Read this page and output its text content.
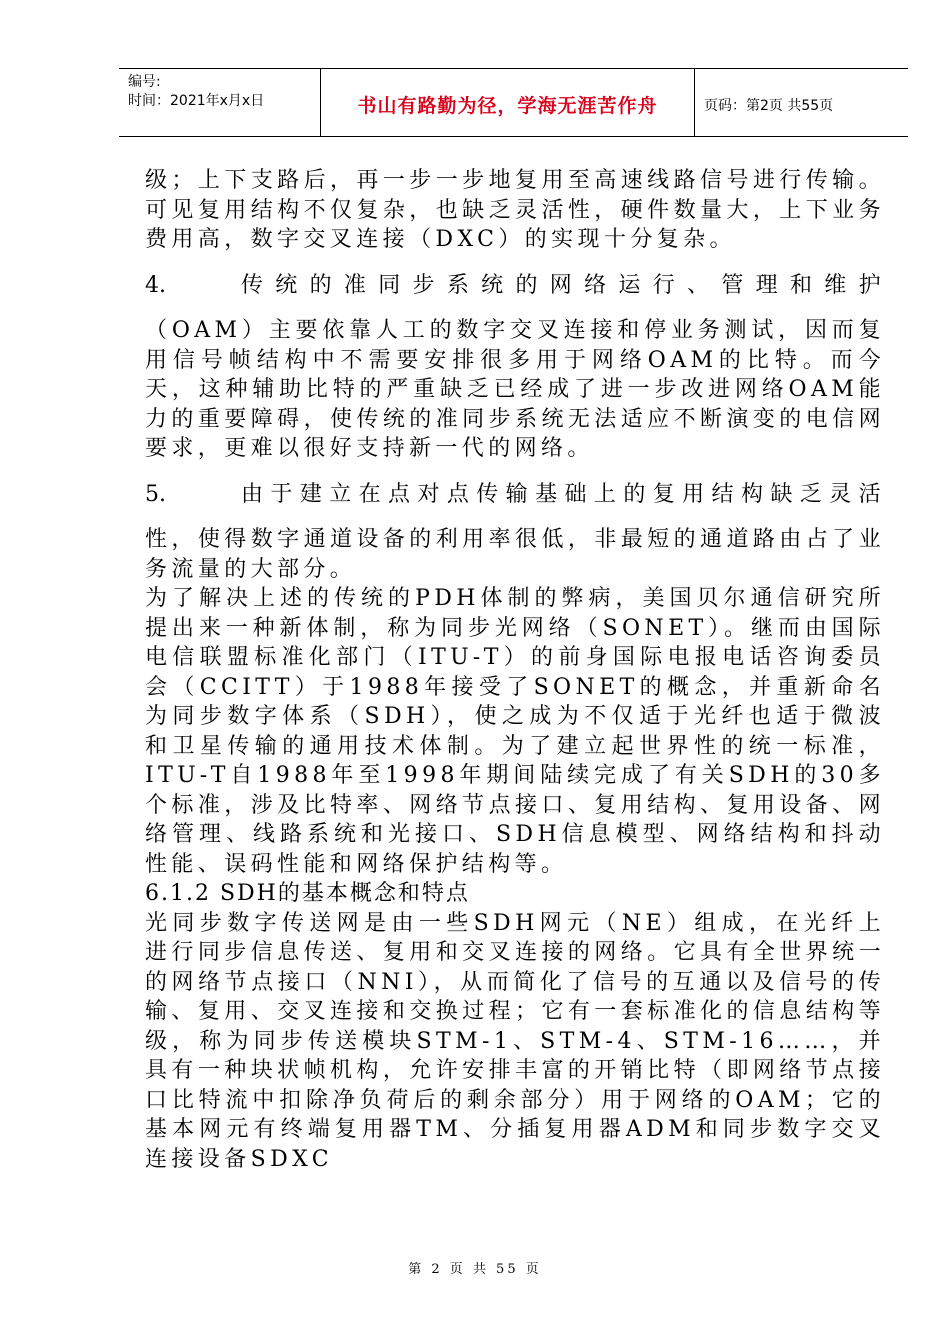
编号:
时间：2021年x月x日	书山有路勤为径，学海无涯苦作舟	页码：第2页 共55页

级；上下支路后，再一步一步地复用至高速线路信号进行传输。可见复用结构不仅复杂，也缺乏灵活性，硬件数量大，上下业务费用高，数字交叉连接（DXC）的实现十分复杂。

4.	传统的准同步系统的网络运行、管理和维护

（OAM）主要依靠人工的数字交叉连接和停业务测试，因而复用信号帧结构中不需要安排很多用于网络OAM的比特。而今天，这种辅助比特的严重缺乏已经成了进一步改进网络OAM能力的重要障碍，使传统的准同步系统无法适应不断演变的电信网要求，更难以很好支持新一代的网络。

5.	由于建立在点对点传输基础上的复用结构缺乏灵活

性，使得数字通道设备的利用率很低，非最短的通道路由占了业务流量的大部分。

为了解决上述的传统的PDH体制的弊病，美国贝尔通信研究所提出来一种新体制，称为同步光网络（SONET）。继而由国际电信联盟标准化部门（ITU-T）的前身国际电报电话咨询委员会（CCITT）于1988年接受了SONET的概念，并重新命名为同步数字体系（SDH），使之成为不仅适于光纤也适于微波和卫星传输的通用技术体制。为了建立起世界性的统一标准，ITU-T自1988年至1998年期间陆续完成了有关SDH的30多个标准，涉及比特率、网络节点接口、复用结构、复用设备、网络管理、线路系统和光接口、SDH信息模型、网络结构和抖动性能、误码性能和网络保护结构等。

6.1.2 SDH的基本概念和特点

光同步数字传送网是由一些SDH网元（NE）组成，在光纤上进行同步信息传送、复用和交叉连接的网络。它具有全世界统一的网络节点接口（NNI），从而简化了信号的互通以及信号的传输、复用、交叉连接和交换过程；它有一套标准化的信息结构等级，称为同步传送模块STM-1、STM-4、STM-16……，并具有一种块状帧机构，允许安排丰富的开销比特（即网络节点接口比特流中扣除净负荷后的剩余部分）用于网络的OAM；它的基本网元有终端复用器TM、分插复用器ADM和同步数字交叉连接设备SDXC

第 2 页 共 55 页
